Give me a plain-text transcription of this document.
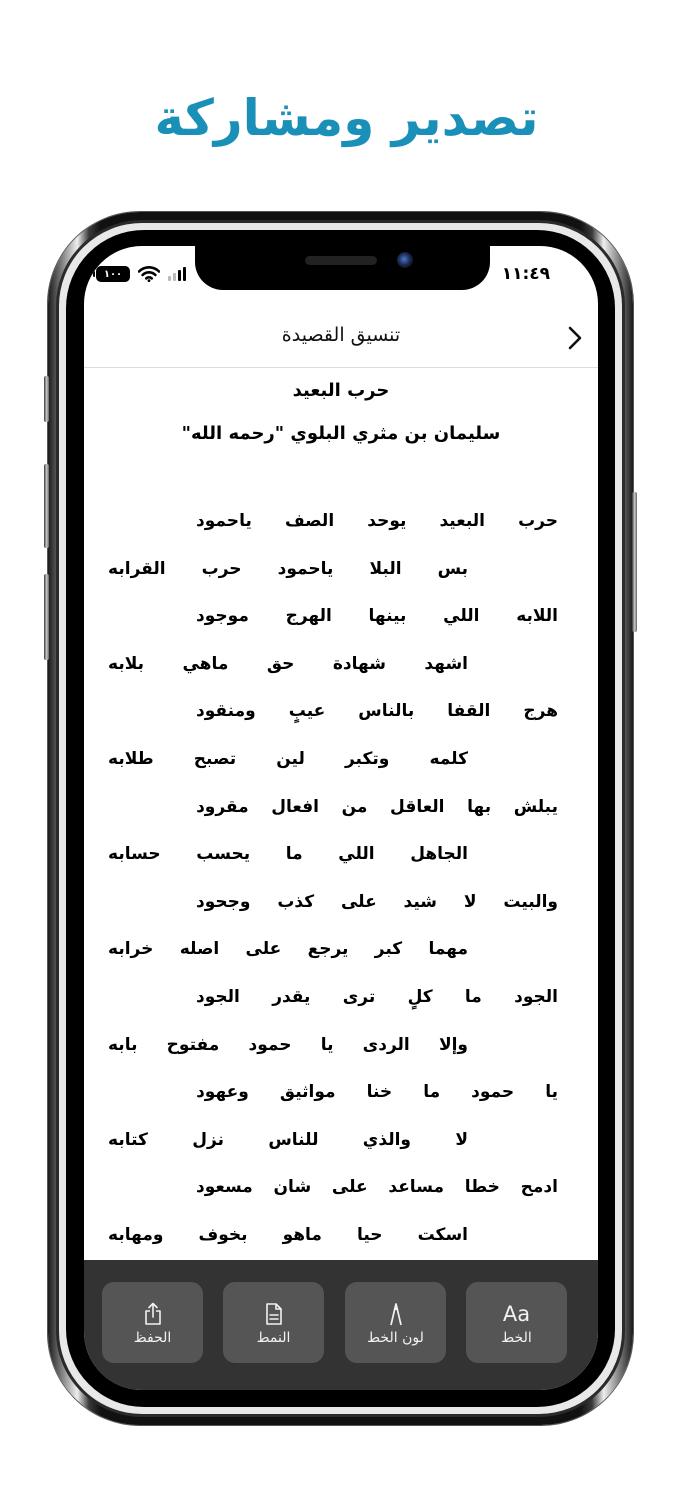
تصدير ومشاركة
١٠٠	١١:٤٩
تنسيق القصيدة
حرب البعيد
سليمان بن مثري البلوي "رحمه الله"
حرب
البعيد
يوحد
الصف
ياحمود
بس
البلا
ياحمود
حرب
القرابه
اللابه
اللي
بينها
الهرج
موجود
اشهد
شهادة
حق
ماهي
بلابه
هرج
القفا
بالناس
عيبٍ
ومنقود
كلمه
وتكبر
لين
تصبح
طلابه
يبلش
بها
العاقل
من
افعال
مقرود
الجاهل
اللي
ما
يحسب
حسابه
والبيت
لا
شيد
على
كذب
وجحود
مهما
كبر
يرجع
على
اصله
خرابه
الجود
ما
كلٍ
ترى
يقدر
الجود
وإلا
الردى
يا
حمود
مفتوح
بابه
يا
حمود
ما
خنا
مواثيق
وعهود
لا
والذي
للناس
نزل
كتابه
ادمح
خطا
مساعد
على
شان
مسعود
اسكت
حيا
ماهو
بخوف
ومهابه
الحفظ	النمط	لون الخط
Aa
الخط
